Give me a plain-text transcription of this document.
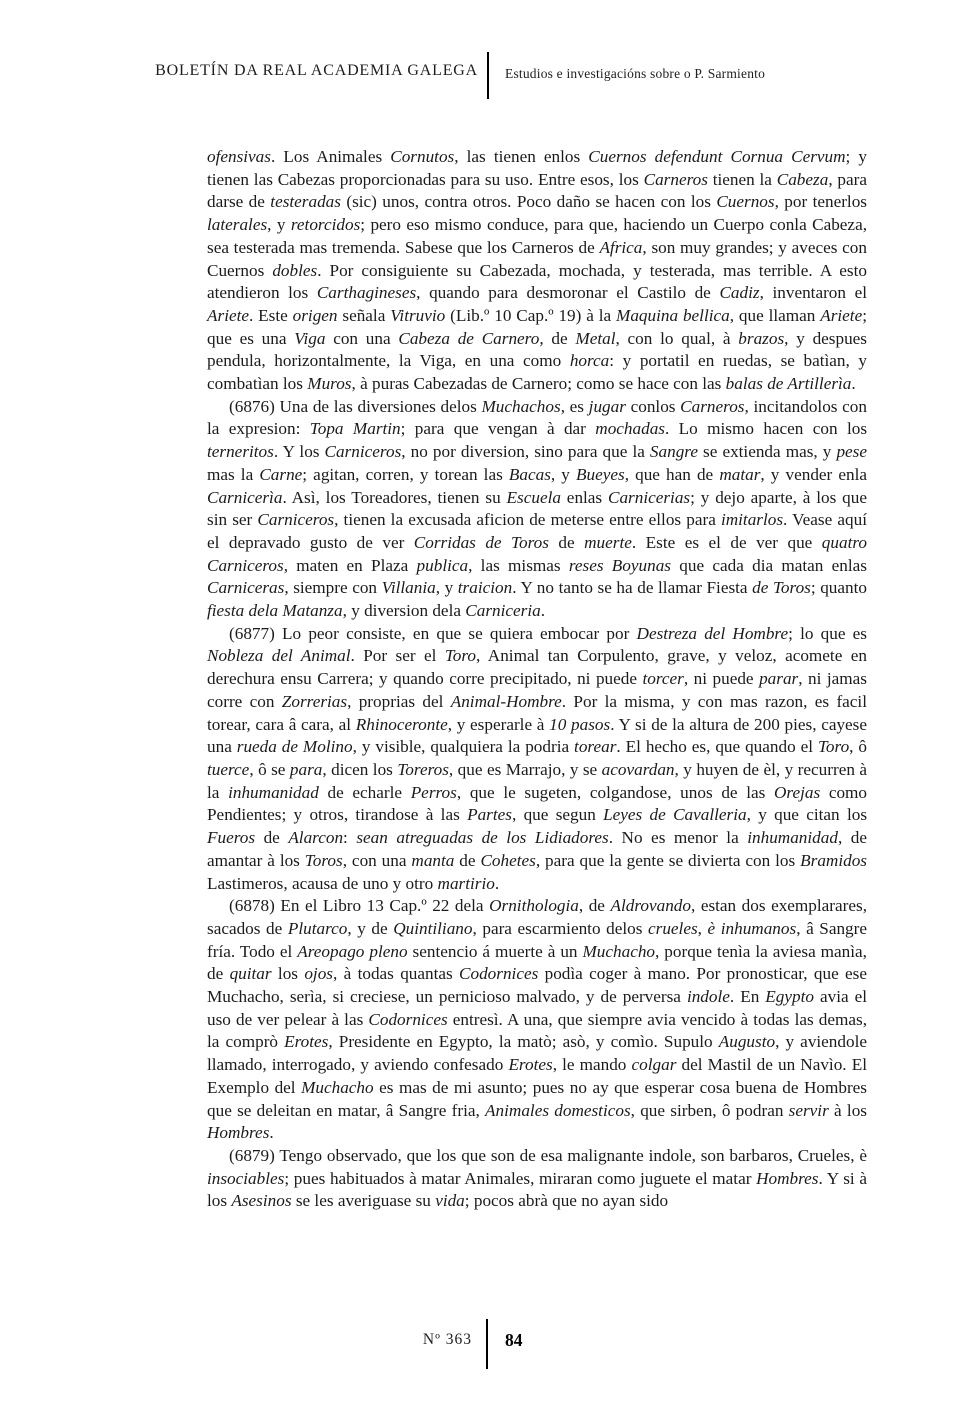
BOLETÍN DA REAL ACADEMIA GALEGA Estudios e investigacións sobre o P. Sarmiento

ofensivas. Los Animales Cornutos, las tienen enlos Cuernos defendunt Cornua Cervum; y tienen las Cabezas proporcionadas para su uso. Entre esos, los Carneros tienen la Cabeza, para darse de testeradas (sic) unos, contra otros. Poco daño se hacen con los Cuernos, por tenerlos laterales, y retorcidos; pero eso mismo conduce, para que, haciendo un Cuerpo conla Cabeza, sea testerada mas tremenda. Sabese que los Carneros de Africa, son muy grandes; y aveces con Cuernos dobles. Por consiguiente su Cabezada, mochada, y testerada, mas terrible. A esto atendieron los Carthagineses, quando para desmoronar el Castilo de Cadiz, inventaron el Ariete. Este origen señala Vitruvio (Lib.º 10 Cap.º 19) à la Maquina bellica, que llaman Ariete; que es una Viga con una Cabeza de Carnero, de Metal, con lo qual, à brazos, y despues pendula, horizontalmente, la Viga, en una como horca: y portatil en ruedas, se batìan, y combatìan los Muros, à puras Cabezadas de Carnero; como se hace con las balas de Artillerìa.

(6876) Una de las diversiones delos Muchachos, es jugar conlos Carneros, incitandolos con la expresion: Topa Martin; para que vengan à dar mochadas. Lo mismo hacen con los terneritos. Y los Carniceros, no por diversion, sino para que la Sangre se extienda mas, y pese mas la Carne; agitan, corren, y torean las Bacas, y Bueyes, que han de matar, y vender enla Carnicerìa. Asì, los Toreadores, tienen su Escuela enlas Carnicerias; y dejo aparte, à los que sin ser Carniceros, tienen la excusada aficion de meterse entre ellos para imitarlos. Vease aquí el depravado gusto de ver Corridas de Toros de muerte. Este es el de ver que quatro Carniceros, maten en Plaza publica, las mismas reses Boyunas que cada dia matan enlas Carniceras, siempre con Villania, y traicion. Y no tanto se ha de llamar Fiesta de Toros; quanto fiesta dela Matanza, y diversion dela Carniceria.

(6877) Lo peor consiste, en que se quiera embocar por Destreza del Hombre; lo que es Nobleza del Animal. Por ser el Toro, Animal tan Corpulento, grave, y veloz, acomete en derechura ensu Carrera; y quando corre precipitado, ni puede torcer, ni puede parar, ni jamas corre con Zorrerias, proprias del Animal-Hombre. Por la misma, y con mas razon, es facil torear, cara â cara, al Rhinoceronte, y esperarle à 10 pasos. Y si de la altura de 200 pies, cayese una rueda de Molino, y visible, qualquiera la podria torear. El hecho es, que quando el Toro, ô tuerce, ô se para, dicen los Toreros, que es Marrajo, y se acovardan, y huyen de èl, y recurren à la inhumanidad de echarle Perros, que le sugeten, colgandose, unos de las Orejas como Pendientes; y otros, tirandose à las Partes, que segun Leyes de Cavalleria, y que citan los Fueros de Alarcon: sean atreguadas de los Lidiadores. No es menor la inhumanidad, de amantar à los Toros, con una manta de Cohetes, para que la gente se divierta con los Bramidos Lastimeros, acausa de uno y otro martirio.

(6878) En el Libro 13 Cap.º 22 dela Ornithologia, de Aldrovando, estan dos exemplarares, sacados de Plutarco, y de Quintiliano, para escarmiento delos crueles, è inhumanos, â Sangre fría. Todo el Areopago pleno sentencio á muerte à un Muchacho, porque tenìa la aviesa manìa, de quitar los ojos, à todas quantas Codornices podìa coger à mano. Por pronosticar, que ese Muchacho, serìa, si creciese, un pernicioso malvado, y de perversa indole. En Egypto avia el uso de ver pelear à las Codornices entresì. A una, que siempre avia vencido à todas las demas, la comprò Erotes, Presidente en Egypto, la matò; asò, y comìo. Supulo Augusto, y aviendole llamado, interrogado, y aviendo confesado Erotes, le mando colgar del Mastil de un Navìo. El Exemplo del Muchacho es mas de mi asunto; pues no ay que esperar cosa buena de Hombres que se deleitan en matar, â Sangre fria, Animales domesticos, que sirben, ô podran servir à los Hombres.

(6879) Tengo observado, que los que son de esa malignante indole, son barbaros, Crueles, è insociables; pues habituados à matar Animales, miraran como juguete el matar Hombres. Y si à los Asesinos se les averiguase su vida; pocos abrà que no ayan sido

Nº 363 84
